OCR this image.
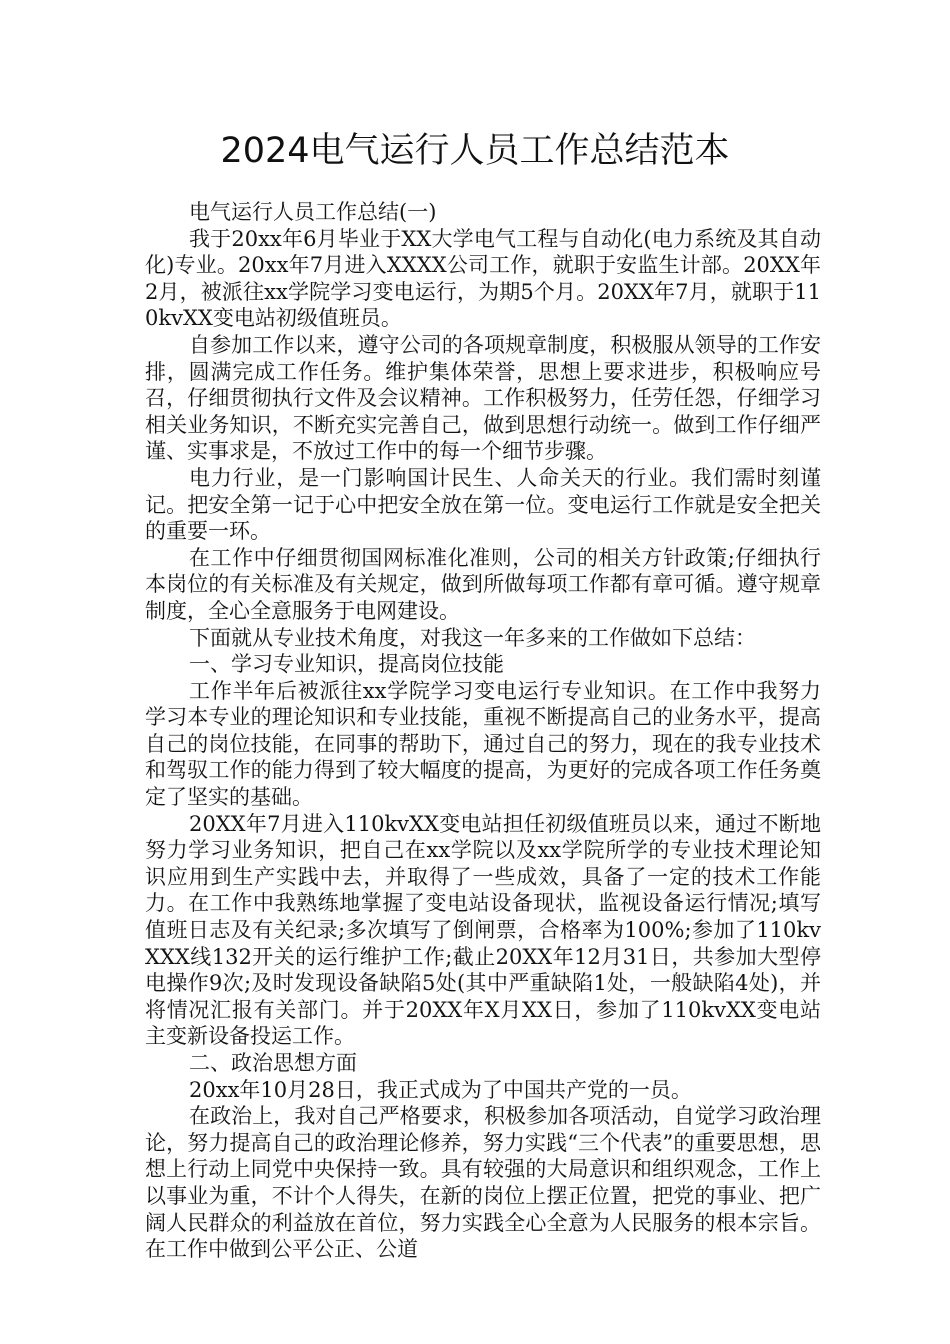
2024电气运行人员工作总结范本

电气运行人员工作总结(一)

我于20xx年6月毕业于XX大学电气工程与自动化(电力系统及其自动化)专业。20xx年7月进入XXXX公司工作，就职于安监生计部。20XX年2月，被派往xx学院学习变电运行，为期5个月。20XX年7月，就职于110kvXX变电站初级值班员。

自参加工作以来，遵守公司的各项规章制度，积极服从领导的工作安排，圆满完成工作任务。维护集体荣誉，思想上要求进步，积极响应号召，仔细贯彻执行文件及会议精神。工作积极努力，任劳任怨，仔细学习相关业务知识，不断充实完善自己，做到思想行动统一。做到工作仔细严谨、实事求是，不放过工作中的每一个细节步骤。

电力行业，是一门影响国计民生、人命关天的行业。我们需时刻谨记。把安全第一记于心中把安全放在第一位。变电运行工作就是安全把关的重要一环。

在工作中仔细贯彻国网标准化准则，公司的相关方针政策;仔细执行本岗位的有关标准及有关规定，做到所做每项工作都有章可循。遵守规章制度，全心全意服务于电网建设。

下面就从专业技术角度，对我这一年多来的工作做如下总结：

一、学习专业知识，提高岗位技能

工作半年后被派往xx学院学习变电运行专业知识。在工作中我努力学习本专业的理论知识和专业技能，重视不断提高自己的业务水平，提高自己的岗位技能，在同事的帮助下，通过自己的努力，现在的我专业技术和驾驭工作的能力得到了较大幅度的提高，为更好的完成各项工作任务奠定了坚实的基础。

20XX年7月进入110kvXX变电站担任初级值班员以来，通过不断地努力学习业务知识，把自己在xx学院以及xx学院所学的专业技术理论知识应用到生产实践中去，并取得了一些成效，具备了一定的技术工作能力。在工作中我熟练地掌握了变电站设备现状，监视设备运行情况;填写值班日志及有关纪录;多次填写了倒闸票，合格率为100%;参加了110kvXXX线132开关的运行维护工作;截止20XX年12月31日，共参加大型停电操作9次;及时发现设备缺陷5处(其中严重缺陷1处，一般缺陷4处)，并将情况汇报有关部门。并于20XX年X月XX日，参加了110kvXX变电站主变新设备投运工作。

二、政治思想方面

20xx年10月28日，我正式成为了中国共产党的一员。

在政治上，我对自己严格要求，积极参加各项活动，自觉学习政治理论，努力提高自己的政治理论修养，努力实践“三个代表”的重要思想，思想上行动上同党中央保持一致。具有较强的大局意识和组织观念，工作上以事业为重，不计个人得失，在新的岗位上摆正位置，把党的事业、把广阔人民群众的利益放在首位，努力实践全心全意为人民服务的根本宗旨。在工作中做到公平公正、公道
